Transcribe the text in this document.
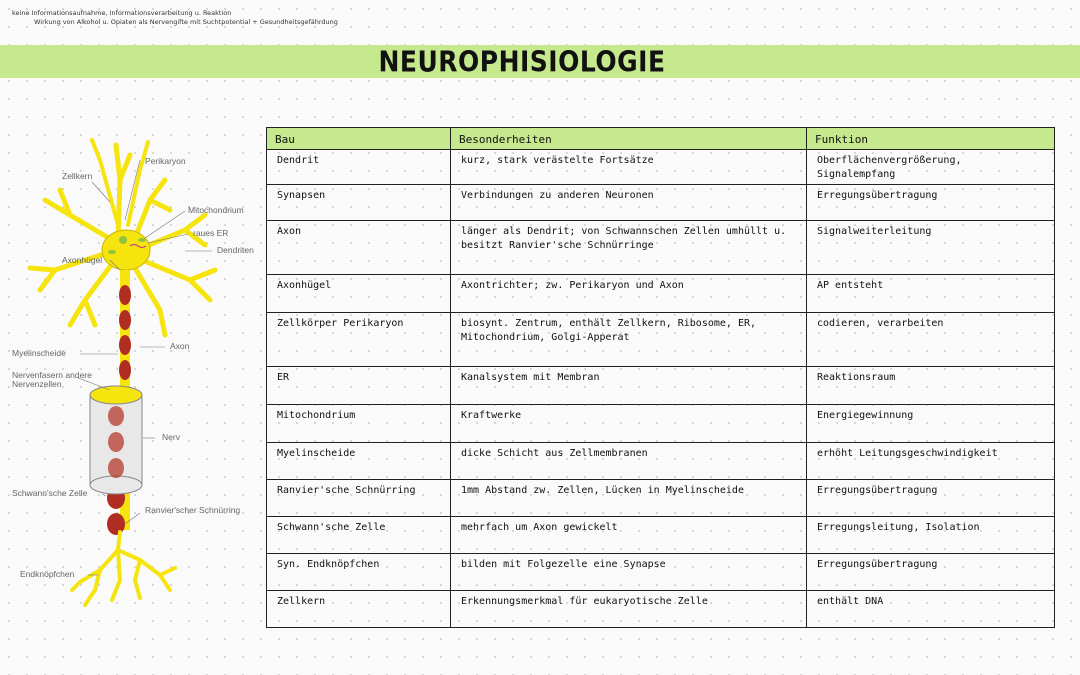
keine Informationsaufnahme, Informationsverarbeitung u. Reaktion
Wirkung von Alkohol u. Opiaten als Nervengifte mit Suchtpotential + Gesundheitsgefährdung
NEUROPHISIOLOGIE
Perikaryon
Zellkern
Mitochondrium
raues ER
Dendriten
Axonhügel
Axon
Myelinscheide
Nervenfasern andere Nervenzellen
Nerv
Schwann'sche Zelle
Ranvier'scher Schnürring
Endknöpfchen
Bau	Besonderheiten	Funktion
Dendrit	kurz, stark verästelte Fortsätze	Oberflächenvergrößerung, Signalempfang
Synapsen	Verbindungen zu anderen Neuronen	Erregungsübertragung
Axon	länger als Dendrit; von Schwannschen Zellen umhüllt u. besitzt Ranvier'sche Schnürringe	Signalweiterleitung
Axonhügel	Axontrichter; zw. Perikaryon und Axon	AP entsteht
Zellkörper Perikaryon	biosynt. Zentrum, enthält Zellkern, Ribosome, ER, Mitochondrium, Golgi-Apperat	codieren, verarbeiten
ER	Kanalsystem mit Membran	Reaktionsraum
Mitochondrium	Kraftwerke	Energiegewinnung
Myelinscheide	dicke Schicht aus Zellmembranen	erhöht Leitungsgeschwindigkeit
Ranvier'sche Schnürring	1mm Abstand zw. Zellen, Lücken in Myelinscheide	Erregungsübertragung
Schwann'sche Zelle	mehrfach um Axon gewickelt	Erregungsleitung, Isolation
Syn. Endknöpfchen	bilden mit Folgezelle eine Synapse	Erregungsübertragung
Zellkern	Erkennungsmerkmal für eukaryotische Zelle	enthält DNA
